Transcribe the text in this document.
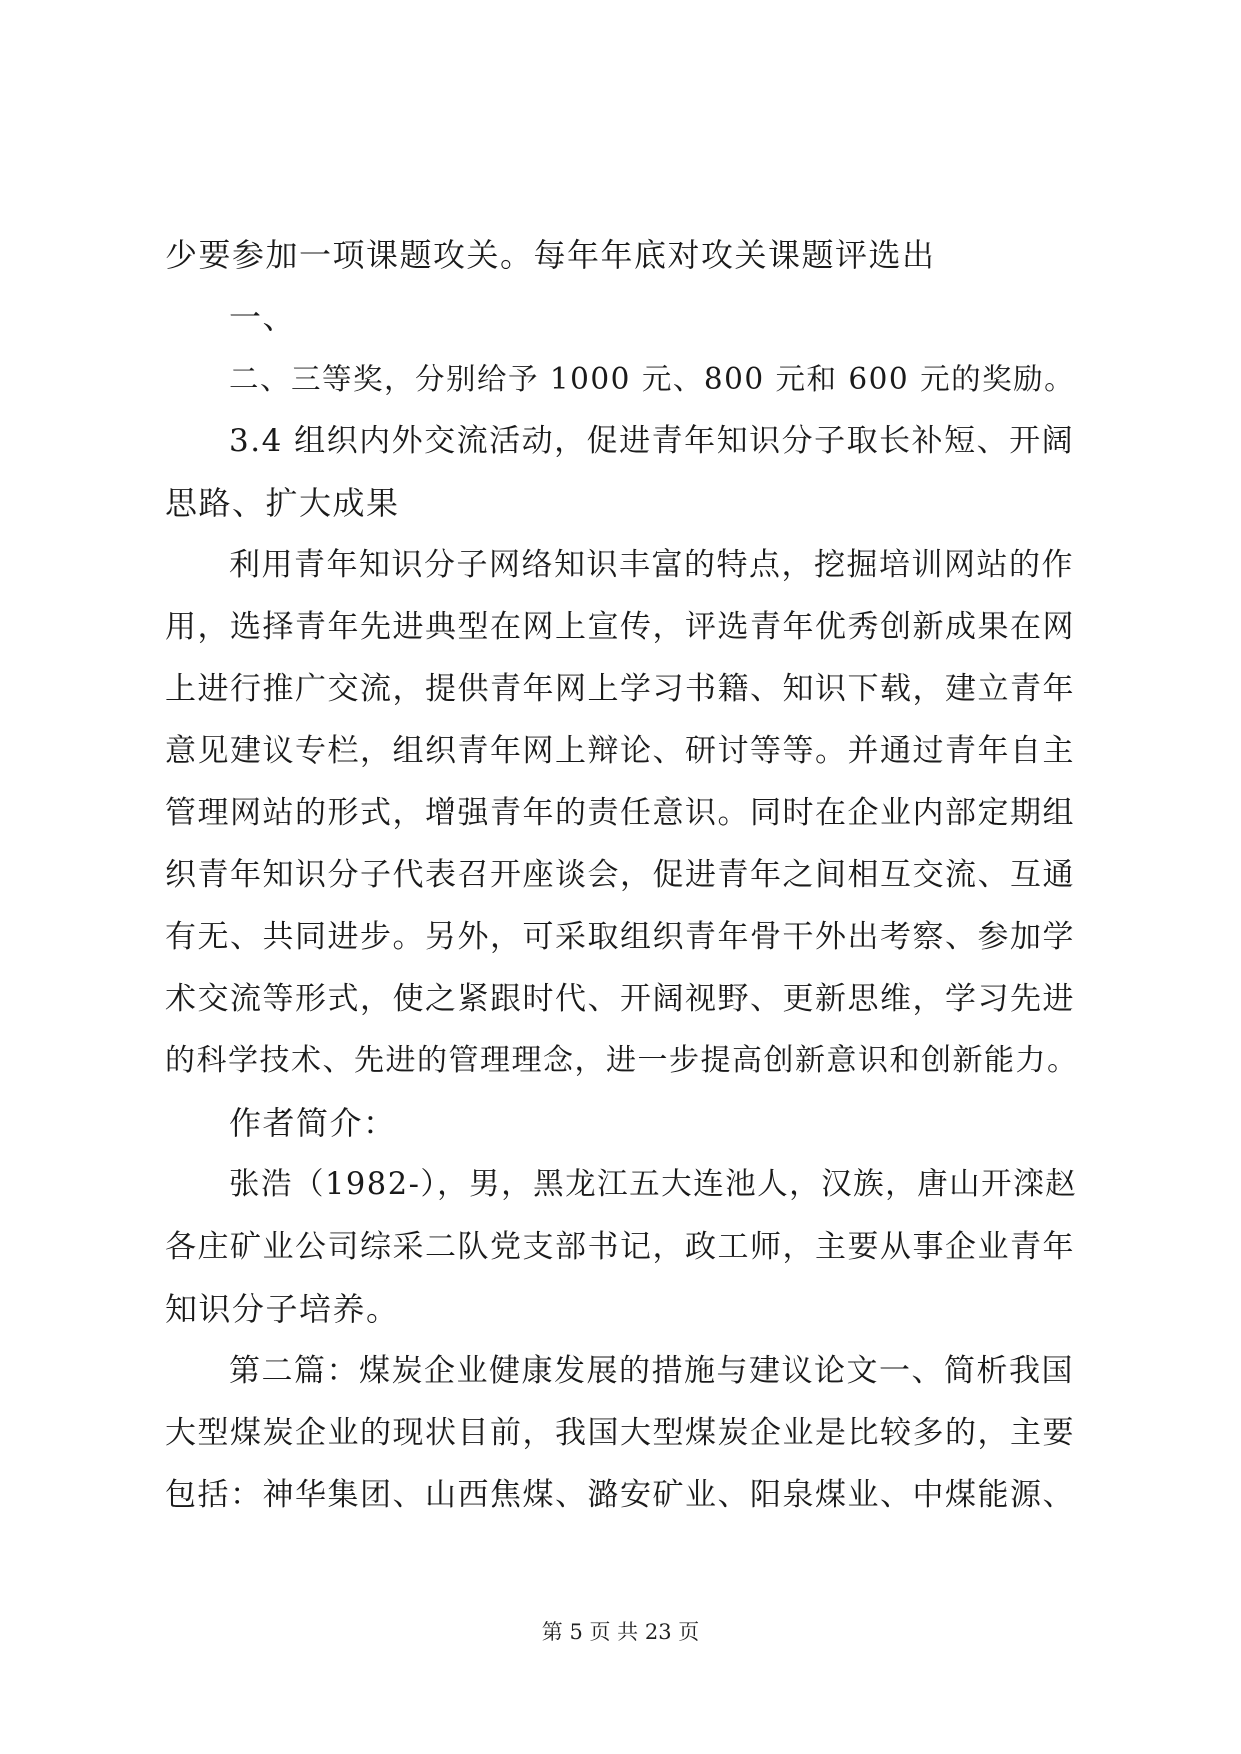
少要参加一项课题攻关。每年年底对攻关课题评选出
一、
二、三等奖，分别给予 1000 元、800 元和 600 元的奖励。
3.4 组织内外交流活动，促进青年知识分子取长补短、开阔
思路、扩大成果
利用青年知识分子网络知识丰富的特点，挖掘培训网站的作
用，选择青年先进典型在网上宣传，评选青年优秀创新成果在网
上进行推广交流，提供青年网上学习书籍、知识下载，建立青年
意见建议专栏，组织青年网上辩论、研讨等等。并通过青年自主
管理网站的形式，增强青年的责任意识。同时在企业内部定期组
织青年知识分子代表召开座谈会，促进青年之间相互交流、互通
有无、共同进步。另外，可采取组织青年骨干外出考察、参加学
术交流等形式，使之紧跟时代、开阔视野、更新思维，学习先进
的科学技术、先进的管理理念，进一步提高创新意识和创新能力。
作者简介：
张浩（1982-），男，黑龙江五大连池人，汉族，唐山开滦赵
各庄矿业公司综采二队党支部书记，政工师，主要从事企业青年
知识分子培养。
第二篇：煤炭企业健康发展的措施与建议论文一、简析我国
大型煤炭企业的现状目前，我国大型煤炭企业是比较多的，主要
包括：神华集团、山西焦煤、潞安矿业、阳泉煤业、中煤能源、
第 5 页 共 23 页
